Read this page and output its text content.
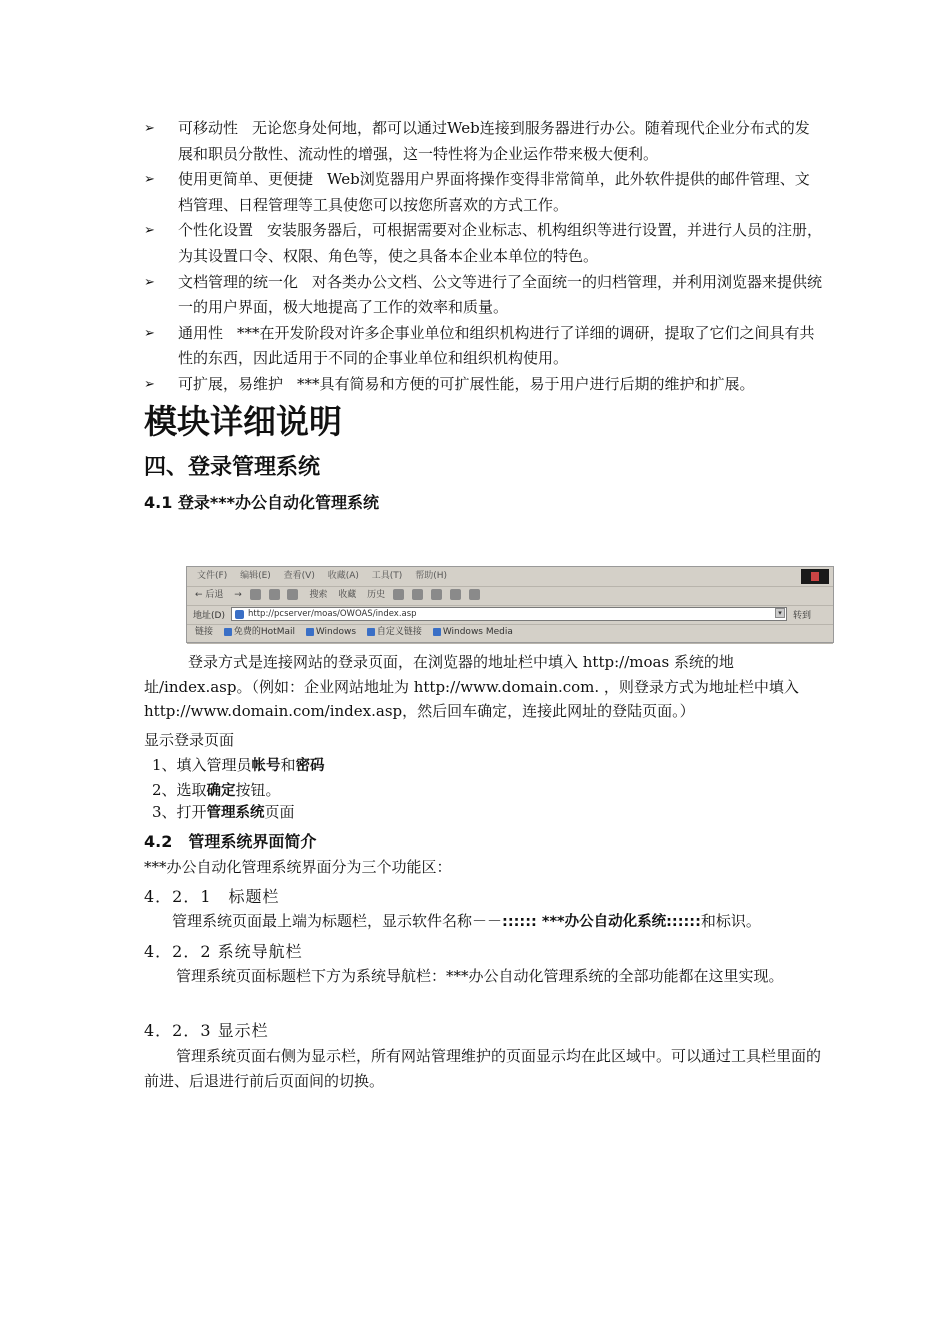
➢ 可移动性 无论您身处何地，都可以通过Web连接到服务器进行办公。随着现代企业分布式的发展和职员分散性、流动性的增强，这一特性将为企业运作带来极大便利。

➢ 使用更简单、更便捷 Web浏览器用户界面将操作变得非常简单，此外软件提供的邮件管理、文档管理、日程管理等工具使您可以按您所喜欢的方式工作。

➢ 个性化设置 安装服务器后，可根据需要对企业标志、机构组织等进行设置，并进行人员的注册，为其设置口令、权限、角色等，使之具备本企业本单位的特色。

➢ 文档管理的统一化 对各类办公文档、公文等进行了全面统一的归档管理，并利用浏览器来提供统一的用户界面，极大地提高了工作的效率和质量。

➢ 通用性 ***在开发阶段对许多企事业单位和组织机构进行了详细的调研，提取了它们之间具有共性的东西，因此适用于不同的企事业单位和组织机构使用。

➢ 可扩展，易维护 ***具有简易和方便的可扩展性能，易于用户进行后期的维护和扩展。

模块详细说明
四、登录管理系统
4.1 登录***办公自动化管理系统
文件(F) 编辑(E) 查看(V) 收藏(A) 工具(T) 帮助(H)
← 后退 →	搜索 收藏 历史
地址(D)	http://pcserver/moas/OWOAS/index.asp	▾	转到
链接 免费的HotMail Windows 自定义链接 Windows Media

登录方式是连接网站的登录页面，在浏览器的地址栏中填入 http://moas 系统的地址/index.asp。（例如：企业网站地址为 http://www.domain.com. ，则登录方式为地址栏中填入 http://www.domain.com/index.asp，然后回车确定，连接此网址的登陆页面。）

显示登录页面

1、填入管理员帐号和密码

2、选取确定按钮。

3、打开管理系统页面

4.2　管理系统界面简介

***办公自动化管理系统界面分为三个功能区：

4．2．1　标题栏

管理系统页面最上端为标题栏，显示软件名称－－:::::: ***办公自动化系统::::::和标识。

4．2．2 系统导航栏

管理系统页面标题栏下方为系统导航栏：***办公自动化管理系统的全部功能都在这里实现。

4．2．3 显示栏

管理系统页面右侧为显示栏，所有网站管理维护的页面显示均在此区域中。可以通过工具栏里面的前进、后退进行前后页面间的切换。
